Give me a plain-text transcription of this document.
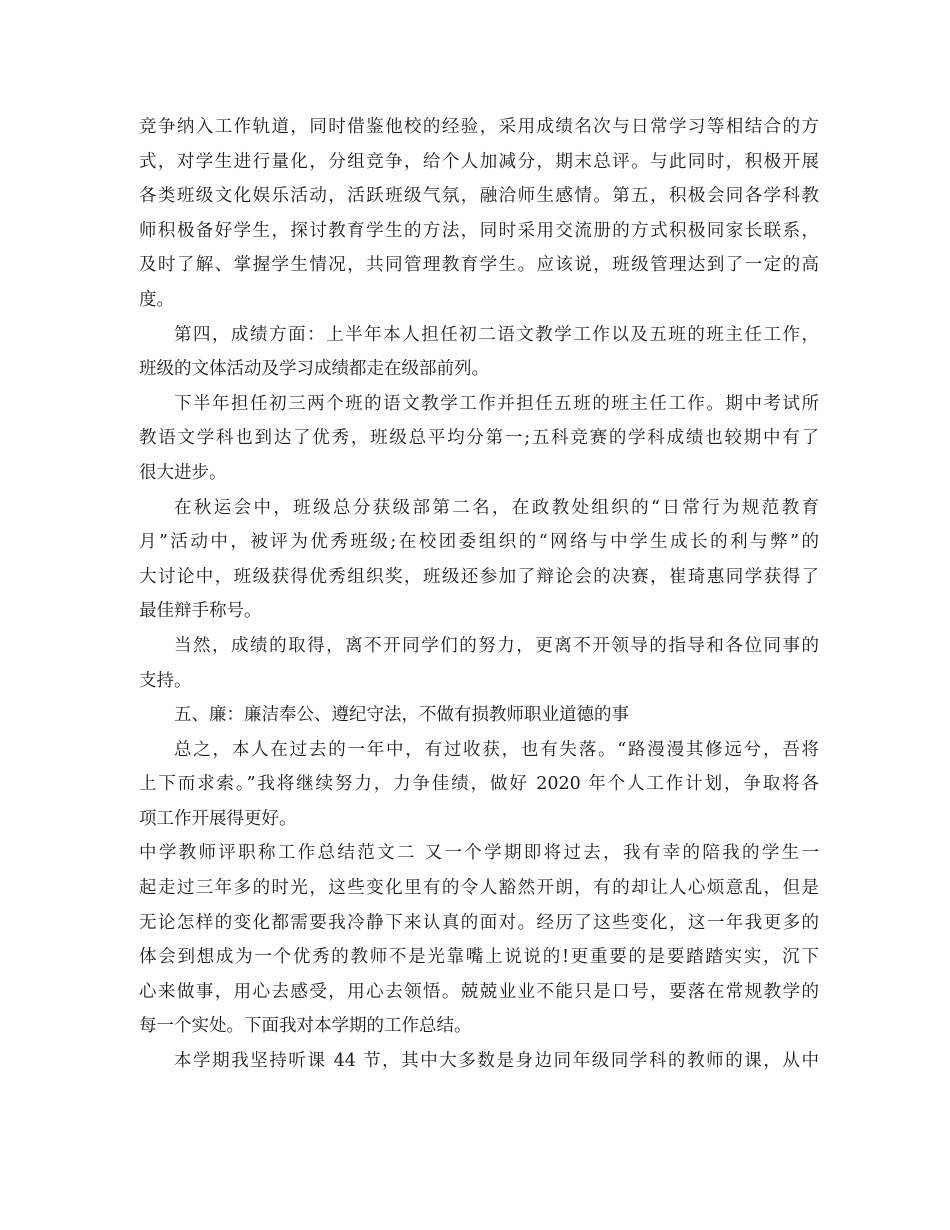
竞争纳入工作轨道，同时借鉴他校的经验，采用成绩名次与日常学习等相结合的方
式，对学生进行量化，分组竞争，给个人加减分，期末总评。与此同时，积极开展
各类班级文化娱乐活动，活跃班级气氛，融洽师生感情。第五，积极会同各学科教
师积极备好学生，探讨教育学生的方法，同时采用交流册的方式积极同家长联系，
及时了解、掌握学生情况，共同管理教育学生。应该说，班级管理达到了一定的高
度。
第四，成绩方面：上半年本人担任初二语文教学工作以及五班的班主任工作，
班级的文体活动及学习成绩都走在级部前列。
下半年担任初三两个班的语文教学工作并担任五班的班主任工作。期中考试所
教语文学科也到达了优秀，班级总平均分第一;五科竞赛的学科成绩也较期中有了
很大进步。
在秋运会中，班级总分获级部第二名，在政教处组织的“日常行为规范教育
月”活动中，被评为优秀班级;在校团委组织的“网络与中学生成长的利与弊”的
大讨论中，班级获得优秀组织奖，班级还参加了辩论会的决赛，崔琦惠同学获得了
最佳辩手称号。
当然，成绩的取得，离不开同学们的努力，更离不开领导的指导和各位同事的
支持。
五、廉：廉洁奉公、遵纪守法，不做有损教师职业道德的事
总之，本人在过去的一年中，有过收获，也有失落。“路漫漫其修远兮，吾将
上下而求索。”我将继续努力，力争佳绩，做好 2020 年个人工作计划，争取将各
项工作开展得更好。
中学教师评职称工作总结范文二 又一个学期即将过去，我有幸的陪我的学生一
起走过三年多的时光，这些变化里有的令人豁然开朗，有的却让人心烦意乱，但是
无论怎样的变化都需要我冷静下来认真的面对。经历了这些变化，这一年我更多的
体会到想成为一个优秀的教师不是光靠嘴上说说的!更重要的是要踏踏实实，沉下
心来做事，用心去感受，用心去领悟。兢兢业业不能只是口号，要落在常规教学的
每一个实处。下面我对本学期的工作总结。
本学期我坚持听课 44 节，其中大多数是身边同年级同学科的教师的课，从中
